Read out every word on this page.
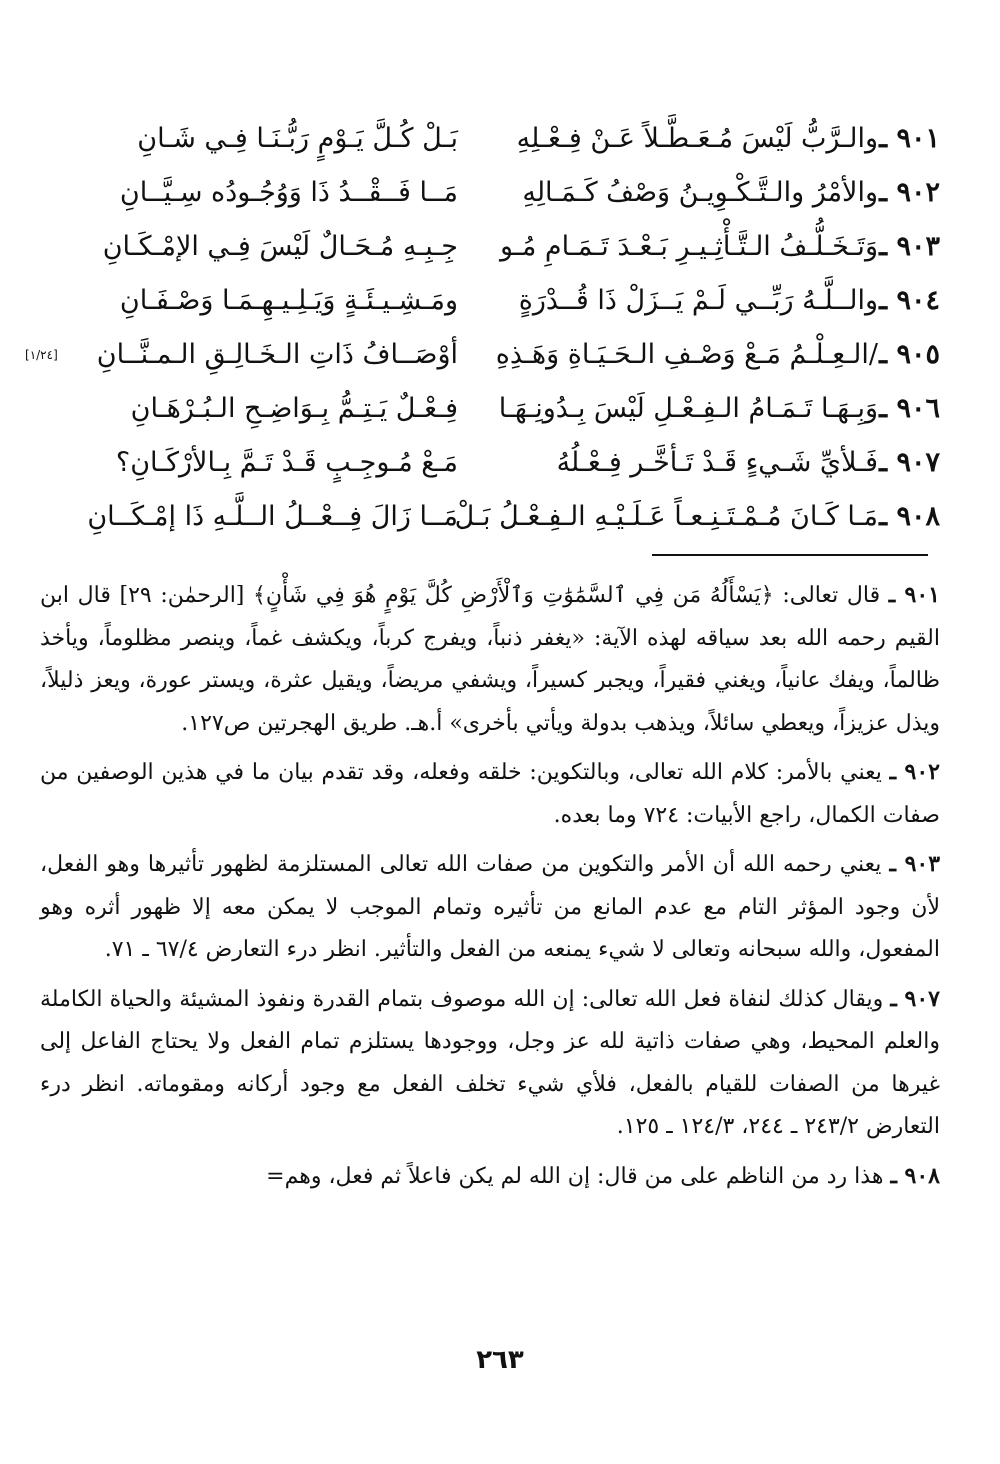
٩٠١ ـ
والـرَّبُّ لَيْسَ مُـعَـطَّـلاً عَـنْ فِـعْـلِهِ
بَـلْ كُـلَّ يَـوْمٍ رَبُّـنَـا فِـي شَـانِ
٩٠٢ ـ
والأمْرُ والـتَّـكْـوِيـنُ وَصْفُ كَـمَـالِهِ
مَــا فَــقْــدُ ذَا وَوُجُـودُه سِـيَّــانِ
٩٠٣ ـ
وَتَـخَـلُّـفُ الـتَّـأْثِـيـرِ بَـعْـدَ تَـمَـامِ مُـو
جِـبِـهِ مُـحَـالٌ لَيْسَ فِـي الإمْـكَـانِ
٩٠٤ ـ
والــلَّـهُ رَبِّــي لَـمْ يَــزَلْ ذَا قُــدْرَةٍ
ومَـشِـيـئَـةٍ وَيَـلِـيـهِـمَـا وَصْـفَـانِ
٩٠٥ ـ
/الـعِـلْـمُ مَـعْ وَصْـفِ الـحَـيَـاةِ وَهَـذِهِ
أوْصَــافُ ذَاتِ الـخَـالِـقِ الـمـنَّــانِ
[١/٢٤]
٩٠٦ ـ
وَبِـهَـا تَـمَـامُ الـفِـعْـلِ لَيْسَ بِـدُونِـهَـا
فِـعْـلٌ يَـتِـمُّ بِـوَاضِـحِ الـبُـرْهَـانِ
٩٠٧ ـ
فَـلأيِّ شَـيءٍ قَـدْ تَـأخَّـر فِـعْـلُهُ
مَـعْ مُـوجِـبٍ قَـدْ تَـمَّ بِـالأرْكَـانِ؟
٩٠٨ ـ
مَـا كَـانَ مُـمْـتَـنِـعـاً عَـلَـيْـهِ الـفِـعْـلُ بَـلْ
مَــا زَالَ فِــعْــلُ الــلَّـهِ ذَا إمْـكَــانِ
٩٠١ ـ قال تعالى: ﴿يَسْأَلُهُ مَن فِي ٱلسَّمَٰوَٰتِ وَٱلْأَرْضِ كُلَّ يَوْمٍ هُوَ فِي شَأْنٍ﴾ [الرحمٰن: ٢٩] قال ابن القيم رحمه الله بعد سياقه لهذه الآية: «يغفر ذنباً، ويفرج كرباً، ويكشف غماً، وينصر مظلوماً، ويأخذ ظالماً، ويفك عانياً، ويغني فقيراً، ويجبر كسيراً، ويشفي مريضاً، ويقيل عثرة، ويستر عورة، ويعز ذليلاً، ويذل عزيزاً، ويعطي سائلاً، ويذهب بدولة ويأتي بأخرى» أ.هـ. طريق الهجرتين ص١٢٧.
٩٠٢ ـ يعني بالأمر: كلام الله تعالى، وبالتكوين: خلقه وفعله، وقد تقدم بيان ما في هذين الوصفين من صفات الكمال، راجع الأبيات: ٧٢٤ وما بعده.
٩٠٣ ـ يعني رحمه الله أن الأمر والتكوين من صفات الله تعالى المستلزمة لظهور تأثيرها وهو الفعل، لأن وجود المؤثر التام مع عدم المانع من تأثيره وتمام الموجب لا يمكن معه إلا ظهور أثره وهو المفعول، والله سبحانه وتعالى لا شيء يمنعه من الفعل والتأثير. انظر درء التعارض ٦٧/٤ ـ ٧١.
٩٠٧ ـ ويقال كذلك لنفاة فعل الله تعالى: إن الله موصوف بتمام القدرة ونفوذ المشيئة والحياة الكاملة والعلم المحيط، وهي صفات ذاتية لله عز وجل، ووجودها يستلزم تمام الفعل ولا يحتاج الفاعل إلى غيرها من الصفات للقيام بالفعل، فلأي شيء تخلف الفعل مع وجود أركانه ومقوماته. انظر درء التعارض ٢٤٣/٢ ـ ٢٤٤، ١٢٤/٣ ـ ١٢٥.
٩٠٨ ـ هذا رد من الناظم على من قال: إن الله لم يكن فاعلاً ثم فعل، وهم=
٢٦٣
